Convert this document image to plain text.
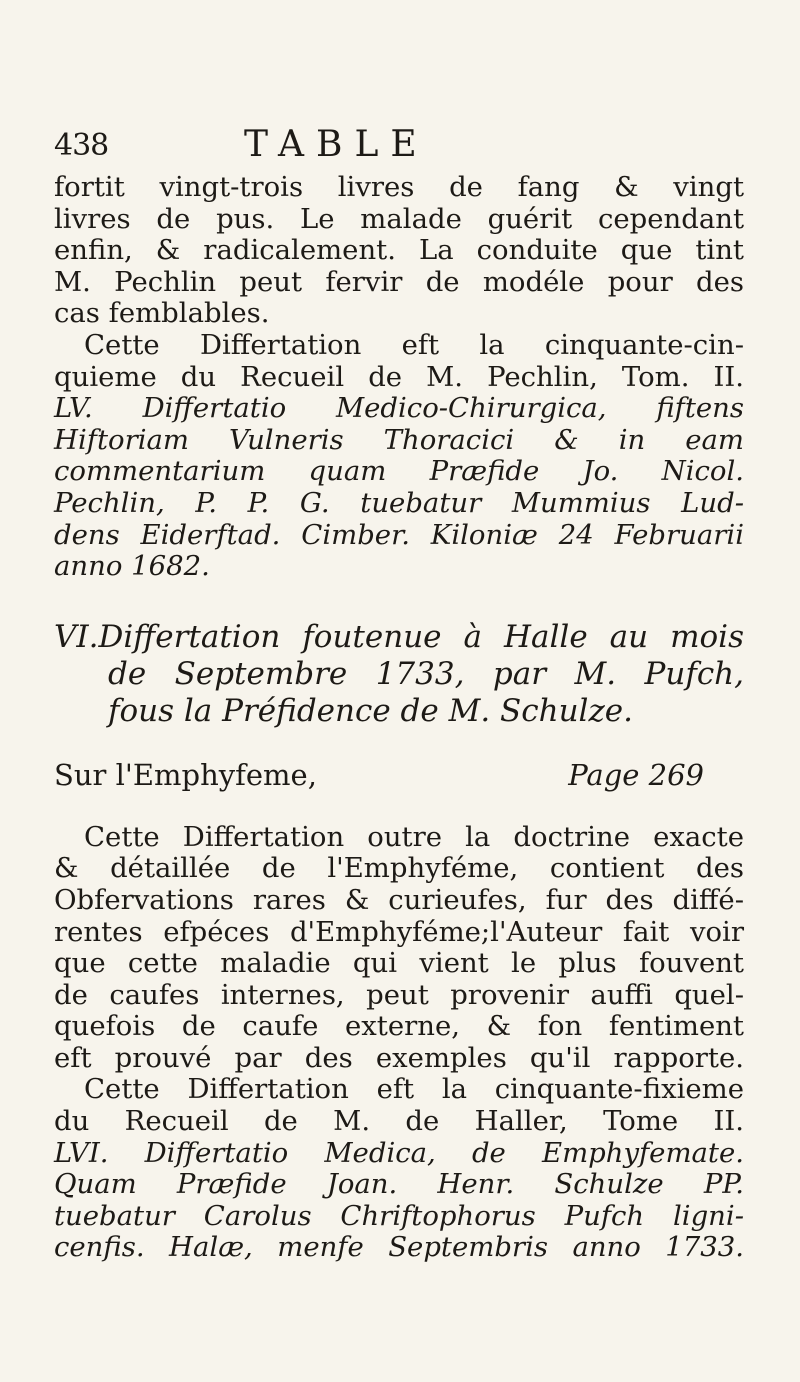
438	TABLE
fortit vingt-trois livres de fang & vingt
livres de pus. Le malade guérit cependant
enfin, & radicalement. La conduite que tint
M. Pechlin peut fervir de modéle pour des
cas femblables.
Cette Differtation eft la cinquante-cin-
quieme du Recueil de M. Pechlin, Tom. II.
LV. Differtatio Medico-Chirurgica, fiftens
Hiftoriam Vulneris Thoracici & in eam
commentarium quam Præfide Jo. Nicol.
Pechlin, P. P. G. tuebatur Mummius Lud-
dens Eiderftad. Cimber. Kiloniæ 24 Februarii
anno 1682.
VI.Differtation foutenue à Halle au mois
de Septembre 1733, par M. Pufch,
fous la Préfidence de M. Schulze.
Sur l'Emphyfeme,	Page 269
Cette Differtation outre la doctrine exacte
& détaillée de l'Emphyféme, contient des
Obfervations rares & curieufes, fur des diffé-
rentes efpéces d'Emphyféme;l'Auteur fait voir
que cette maladie qui vient le plus fouvent
de caufes internes, peut provenir auffi quel-
quefois de caufe externe, & fon fentiment
eft prouvé par des exemples qu'il rapporte.
Cette Differtation eft la cinquante-fixieme
du Recueil de M. de Haller, Tome II.
LVI. Differtatio Medica, de Emphyfemate.
Quam Præfide Joan. Henr. Schulze PP.
tuebatur Carolus Chriftophorus Pufch ligni-
cenfis. Halæ, menfe Septembris anno 1733.
